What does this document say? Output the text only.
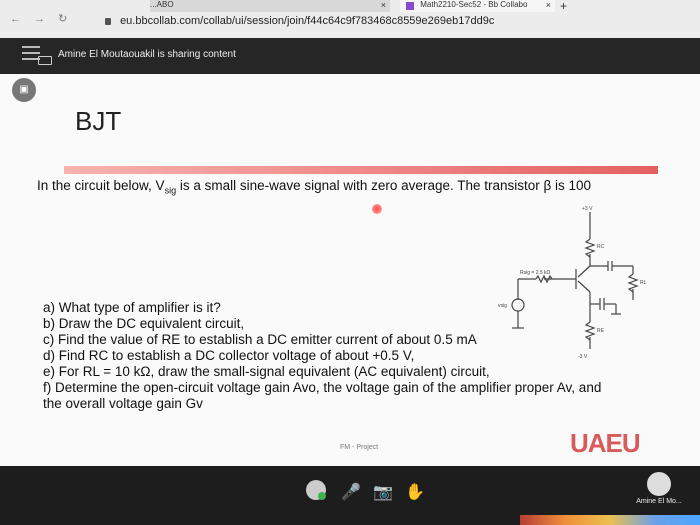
...ABO	×	Math2210-Sec52 - Bb Collabo × +
← → ↻	eu.bbcollab.com/collab/ui/session/join/f44c64c9f783468c8559e269eb17dd9c
Amine El Moutaouakil is sharing content
▣
BJT
In the circuit below, $V_{sig}$ is a small sine-wave signal with zero average. The transistor β is 100
a) What type of amplifier is it?
b) Draw the DC equivalent circuit,
c) Find the value of RE to establish a DC emitter current of about 0.5 mA
d) Find RC to establish a DC collector voltage of about +0.5 V,
e) For RL = 10 kΩ, draw the small-signal equivalent (AC equivalent) circuit,
f) Determine the open-circuit voltage gain Avo, the voltage gain of the amplifier proper Av, and
the overall voltage gain Gv
+3 V
-3 V
Rsig = 2.5 kΩ
RC
RE
RL
vsig
FM - Project	UAEU
🎤 📷 ✋
Amine El Mo...
